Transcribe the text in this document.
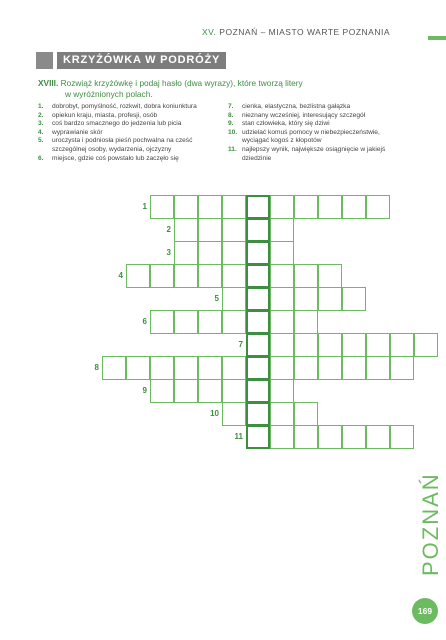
XV. POZNAŃ – MIASTO WARTE POZNANIA
KRZYŻÓWKA W PODRÓŻY
XVIII. Rozwiąż krzyżówkę i podaj hasło (dwa wyrazy), które tworzą litery
w wyróżnionych polach.
1.	dobrobyt, pomyślność, rozkwit, dobra koniunktura
2.	opiekun kraju, miasta, profesji, osób
3.	coś bardzo smacznego do jedzenia lub picia
4.	wyprawianie skór
5.	uroczysta i podniosła pieśń pochwalna na cześć szczególnej osoby, wydarzenia, ojczyzny
6.	miejsce, gdzie coś powstało lub zaczęło się
7.	cienka, elastyczna, bezlistna gałązka
8.	nieznany wcześniej, interesujący szczegół
9.	stan człowieka, który się dziwi
10. udzielać komuś pomocy w niebezpieczeństwie, wyciągać kogoś z kłopotów
11. najlepszy wynik, największe osiągnięcie w jakiejś dziedzinie
1
2
3
4
5
6
7
8
9
10
11
POZNAŃ
169
